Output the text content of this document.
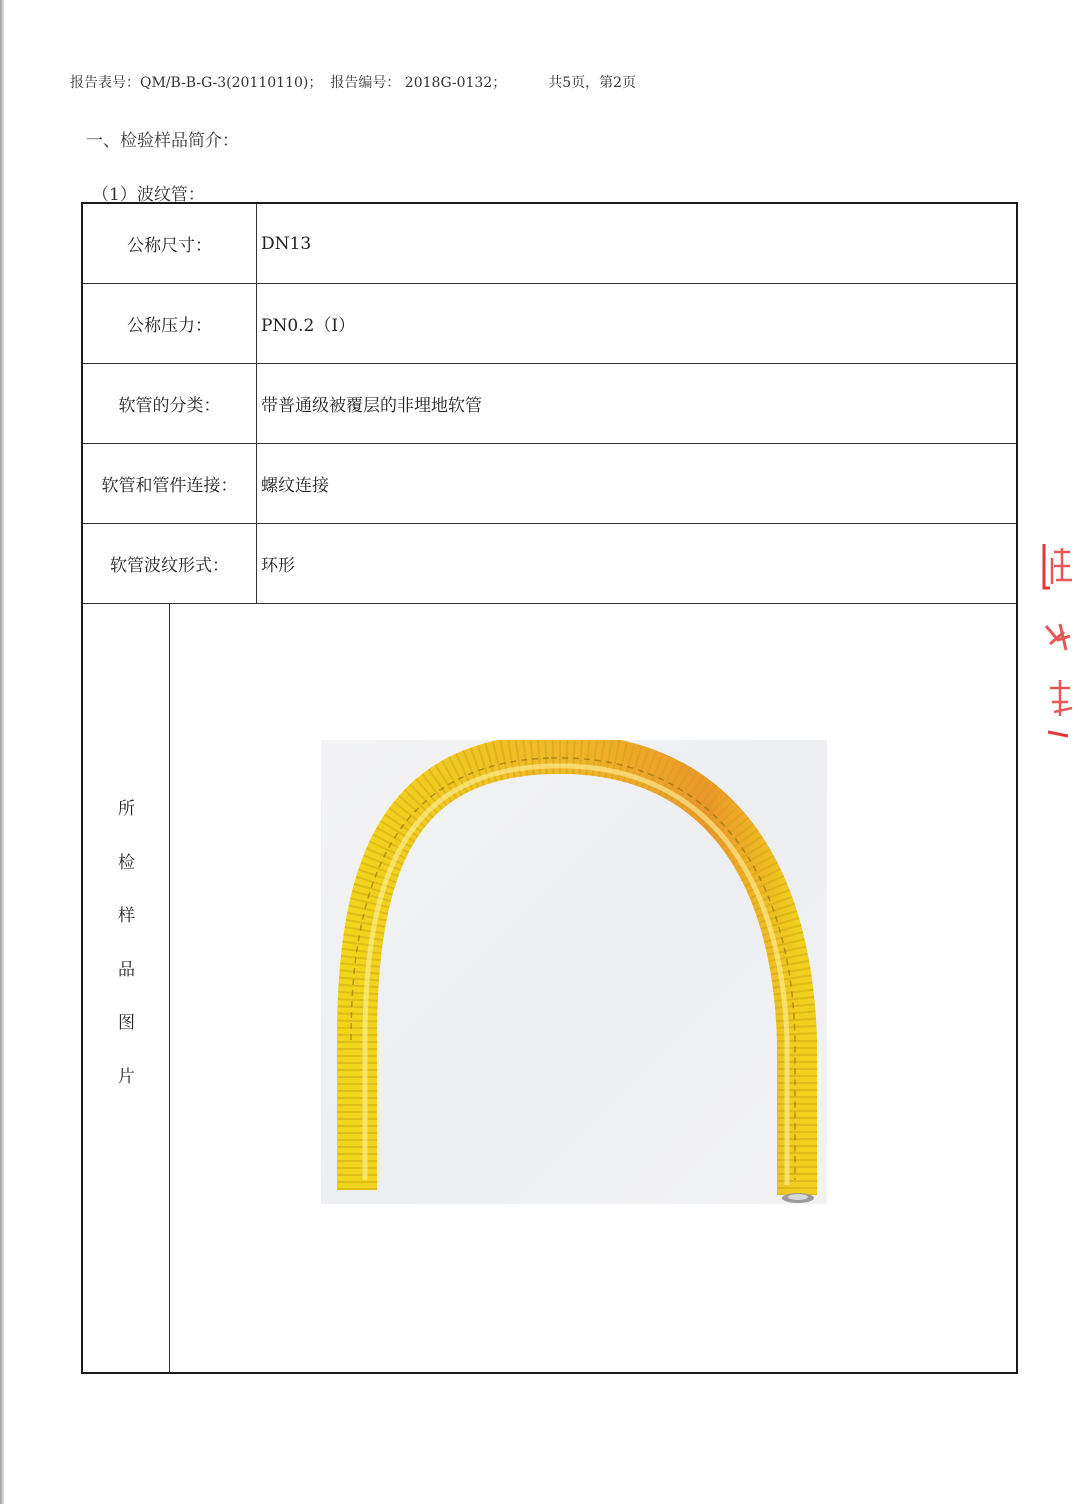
报告表号：QM/B-B-G-3(20110110)； 报告编号： 2018G-0132；	共5页，第2页
一、检验样品简介：
（1）波纹管：
公称尺寸：	DN13
公称压力：	PN0.2（Ⅰ）
软管的分类：	带普通级被覆层的非埋地软管
软管和管件连接：	螺纹连接
软管波纹形式：	环形
所
检
样
品
图
片
